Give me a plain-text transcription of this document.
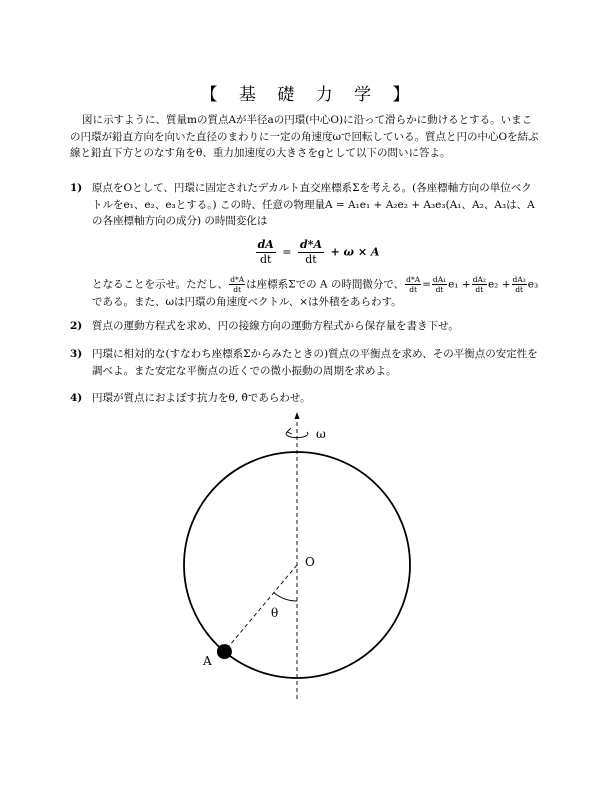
【 基 礎 力 学 】
図に示すように、質量mの質点Aが半径aの円環(中心O)に沿って滑らかに動けるとする。いまこの円環が鉛直方向を向いた直径のまわりに一定の角速度ωで回転している。質点と円の中心Oを結ぶ線と鉛直下方とのなす角をθ、重力加速度の大きさをgとして以下の問いに答よ。
1) 原点をOとして、円環に固定されたデカルト直交座標系Σを考える。(各座標軸方向の単位ベクトルをe₁、e₂、e₃とする。) この時、任意の物理量A = A₁e₁ + A₂e₂ + A₃e₃(A₁、A₂、A₃は、Aの各座標軸方向の成分) の時間変化は
$\frac{dA}{dt} = \frac{d*A}{dt} + \omega \times A$
となることを示せ。ただし、 $\frac{d*A}{dt}$ は座標系Σでの A の時間微分で、 $\frac{d*A}{dt} = \frac{\text{dA₁}}{dt} e_1 + \frac{\text{dA₂}}{dt} e_2 + \frac{\text{dA₃}}{dt} e_3$である。また、ωは円環の角速度ベクトル、×は外積をあらわす。
2) 質点の運動方程式を求め、円の接線方向の運動方程式から保存量を書き下せ。
3) 円環に相対的な(すなわち座標系Σからみたときの)質点の平衡点を求め、その平衡点の安定性を調べよ。また安定な平衡点の近くでの微小振動の周期を求めよ。
4) 円環が質点におよぼす抗力をθ, θ̇であらわせ。
ω
O
θ
A
